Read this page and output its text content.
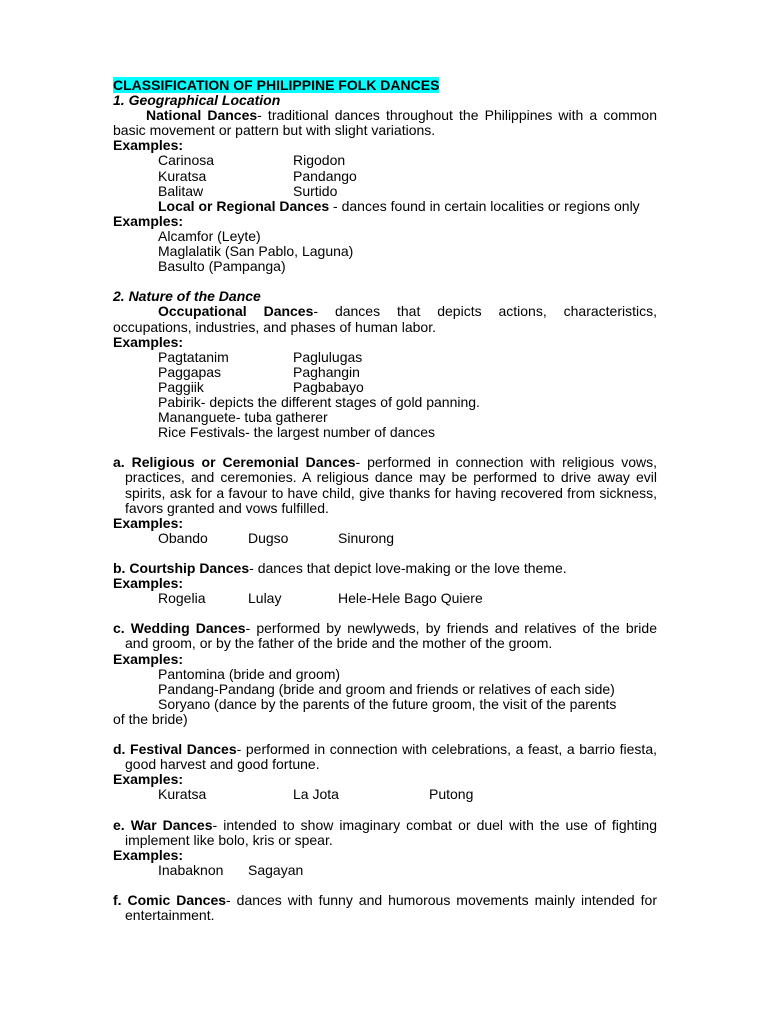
CLASSIFICATION OF PHILIPPINE FOLK DANCES
1. Geographical Location
National Dances- traditional dances throughout the Philippines with a common basic movement or pattern but with slight variations.
Examples:
Carinosa	Rigodon
Kuratsa	Pandango
Balitaw	Surtido
Local or Regional Dances - dances found in certain localities or regions only
Examples:
Alcamfor (Leyte)
Maglalatik (San Pablo, Laguna)
Basulto (Pampanga)
2. Nature of the Dance
Occupational Dances- dances that depicts actions, characteristics, occupations, industries, and phases of human labor.
Examples:
Pagtatanim	Paglulugas
Paggapas	Paghangin
Paggiik	Pagbabayo
Pabirik- depicts the different stages of gold panning.
Mananguete- tuba gatherer
Rice Festivals- the largest number of dances
a. Religious or Ceremonial Dances- performed in connection with religious vows, practices, and ceremonies. A religious dance may be performed to drive away evil spirits, ask for a favour to have child, give thanks for having recovered from sickness, favors granted and vows fulfilled.
Examples:
Obando	Dugso	Sinurong
b. Courtship Dances- dances that depict love-making or the love theme.
Examples:
Rogelia	Lulay	Hele-Hele Bago Quiere
c. Wedding Dances- performed by newlyweds, by friends and relatives of the bride and groom, or by the father of the bride and the mother of the groom.
Examples:
Pantomina (bride and groom)
Pandang-Pandang (bride and groom and friends or relatives of each side)
Soryano (dance by the parents of the future groom, the visit of the parents
of the bride)
d. Festival Dances- performed in connection with celebrations, a feast, a barrio fiesta, good harvest and good fortune.
Examples:
Kuratsa	La Jota	Putong
e. War Dances- intended to show imaginary combat or duel with the use of fighting implement like bolo, kris or spear.
Examples:
Inabaknon Sagayan
f. Comic Dances- dances with funny and humorous movements mainly intended for entertainment.
